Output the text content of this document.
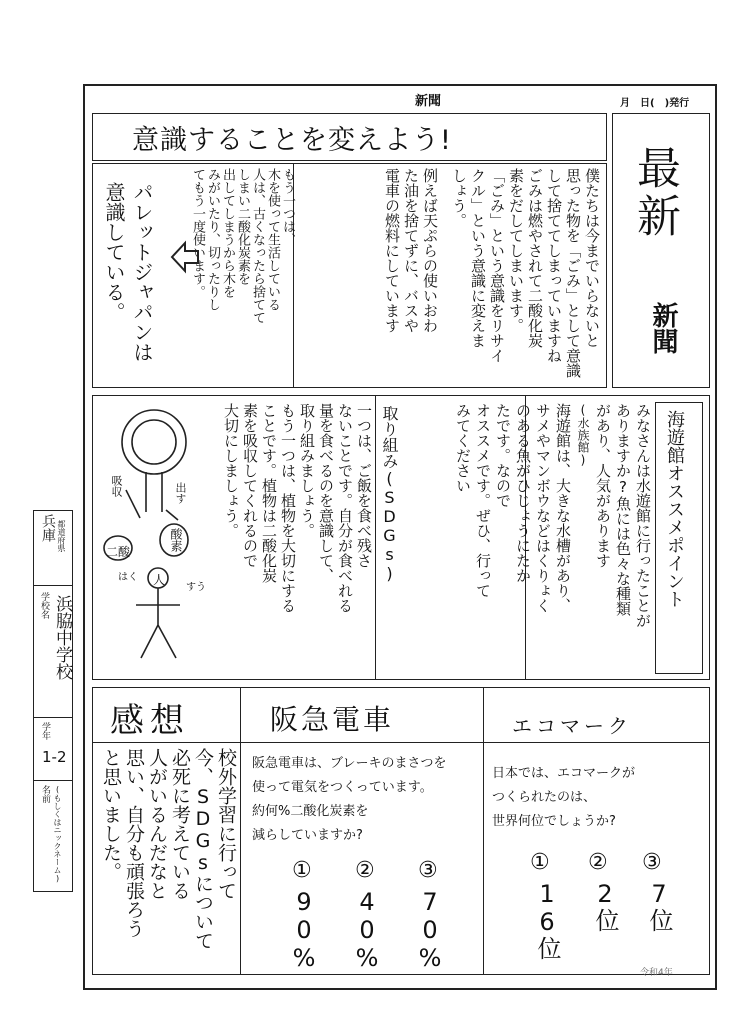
新聞	月　日(　)発行
意識することを変えよう!
僕たちは今までいらないと
思った物を「ごみ」として意識
して捨ててしまっていますね
ごみは燃やされて二酸化炭
素をだしてしまいます。
「ごみ」という意識をリサイ
クル」という意識に変えま
しょう。
例えば天ぷらの使いおわ
た油を捨てずに、バスや
電車の燃料にしています
もう一つは、
木を使って生活している
人は、古くなったら捨てて
しまい二酸化炭素を
出してしまうから木を
みがいたり、切ったりし
てもう一度使います。
パレットジャパンは
意識している。	最新
新聞
海遊館オススメポイント
みなさんは水遊館に行ったことが
ありますか?魚には色々な種類
があり、人気があります
(水族館)
海遊館は、大きな水槽があり、
サメやマンボウなどはくりょく
のある魚がひじょうにたか
たです。なので
オススメです。ぜひ、行って
みてください
取り組み(SDGs)
一つは、ご飯を食べ残さ
ないことです。自分が食べれる
量を食べるのを意識して、
取り組みましょう。
もう一つは、植物を大切にする
ことです。植物は二酸化炭
素を吸収してくれるので
大切にしましょう。
吸収	出す
二酸	酸素
人
はく
すう
感想
校外学習に行って
今、SDGsについて
必死に考えている
人がいるんだなと
思い、自分も頑張ろう
と思いました。
阪急電車
阪急電車は、ブレーキのまさつを
使って電気をつくっています。
約何%二酸化炭素を
減らしていますか?
① ② ③
90% 40% 70%
エコマーク
日本では、エコマークが
つくられたのは、
世界何位でしょうか?
① ② ③
16位 2位 7位
兵庫 都道府県
学校名 浜脇中学校
学年
1-2
名前 (もしくはニックネーム)
令和4年
